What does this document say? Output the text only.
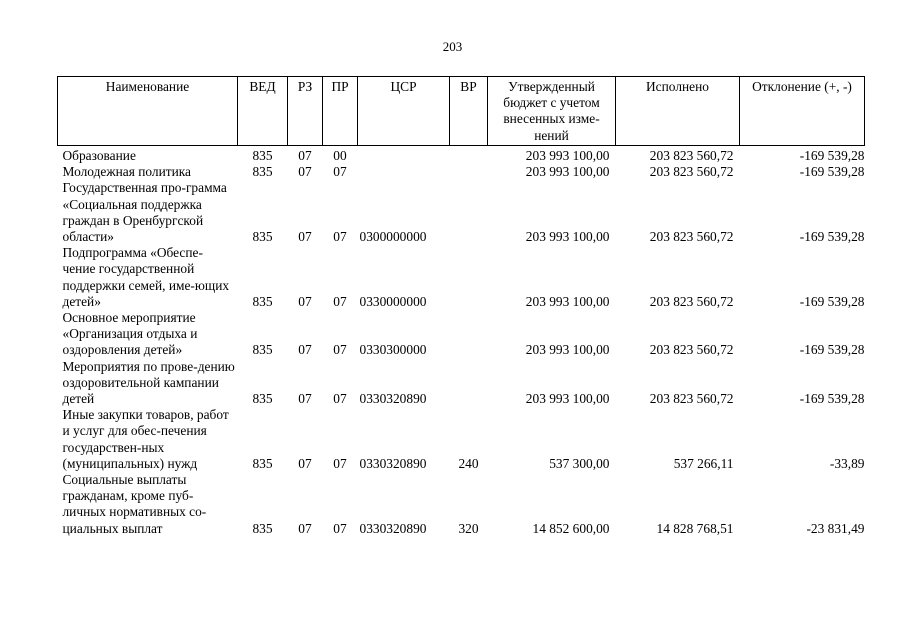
203
Наименование	ВЕД	РЗ	ПР	ЦСР	ВР	Утвержденный бюджет с учетом внесенных изме-нений	Исполнено	Отклонение (+, -)
Образование	835	07	00			203 993 100,00	203 823 560,72	-169 539,28
Молодежная политика	835	07	07			203 993 100,00	203 823 560,72	-169 539,28
Государственная про-грамма «Социальная поддержка граждан в Оренбургской области»	835	07	07	0300000000		203 993 100,00	203 823 560,72	-169 539,28
Подпрограмма «Обеспе-чение государственной поддержки семей, име-ющих детей»	835	07	07	0330000000		203 993 100,00	203 823 560,72	-169 539,28
Основное мероприятие «Организация отдыха и оздоровления детей»	835	07	07	0330300000		203 993 100,00	203 823 560,72	-169 539,28
Мероприятия по прове-дению оздоровительной кампании детей	835	07	07	0330320890		203 993 100,00	203 823 560,72	-169 539,28
Иные закупки товаров, работ и услуг для обес-печения государствен-ных (муниципальных) нужд	835	07	07	0330320890	240	537 300,00	537 266,11	-33,89
Социальные выплаты гражданам, кроме пуб-личных нормативных со-циальных выплат	835	07	07	0330320890	320	14 852 600,00	14 828 768,51	-23 831,49
